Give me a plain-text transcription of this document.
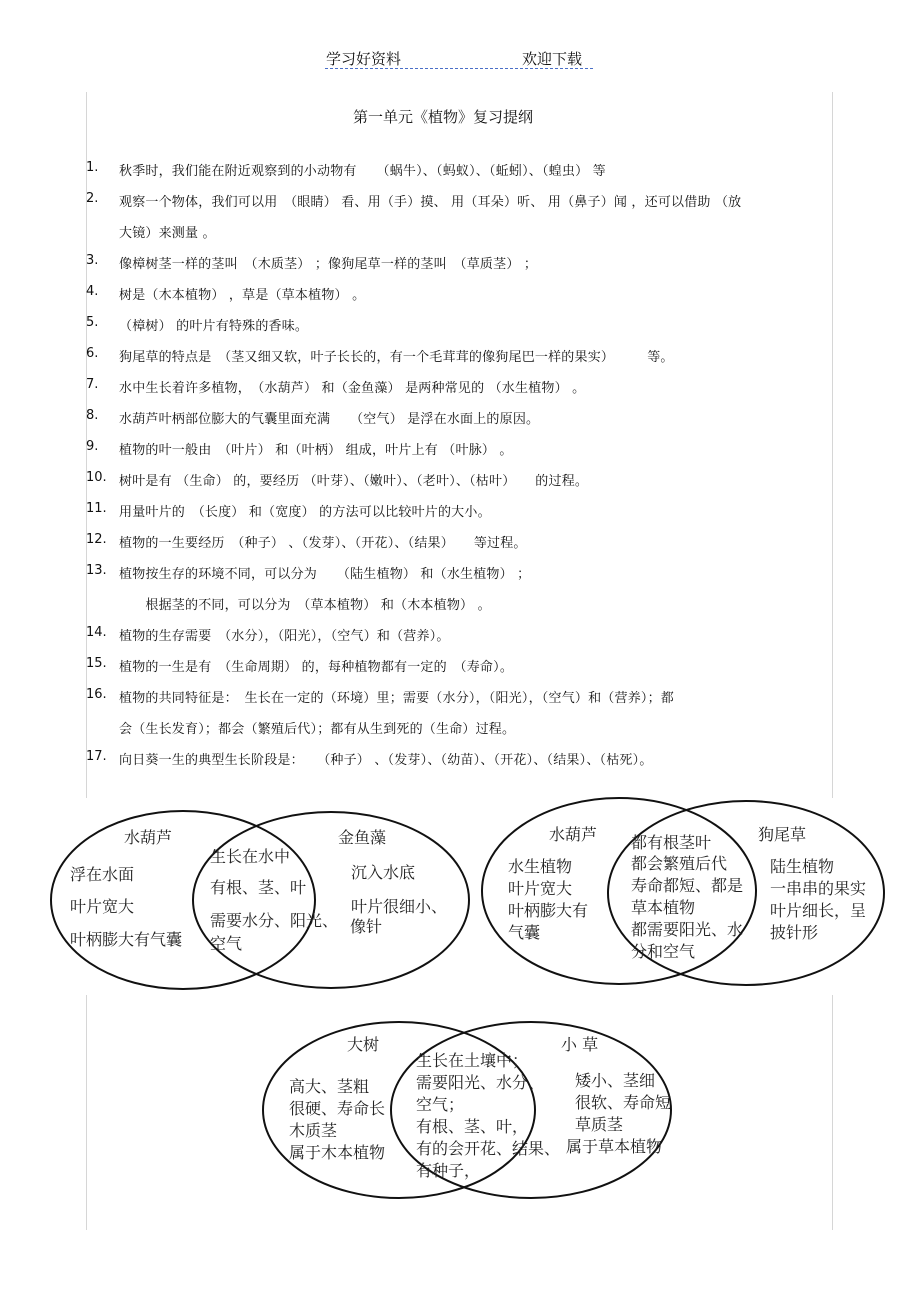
学习好资料	欢迎下载
第一单元《植物》复习提纲
1. 秋季时，我们能在附近观察到的小动物有　　（蜗牛）、（蚂蚁）、（蚯蚓）、（蝗虫） 等
2. 观察一个物体，我们可以用　（眼睛） 看、用（手）摸、 用（耳朵）听、 用（鼻子）闻 ，还可以借助 （放
大镜）来测量 。
3. 像樟树茎一样的茎叫　（木质茎） ；像狗尾草一样的茎叫　（草质茎） ；
4. 树是（木本植物） ，草是（草本植物） 。
5. （樟树） 的叶片有特殊的香味。
6. 狗尾草的特点是　（茎又细又软，叶子长长的，有一个毛茸茸的像狗尾巴一样的果实）　　　等。
7. 水中生长着许多植物，　（水葫芦） 和（金鱼藻） 是两种常见的 （水生植物） 。
8. 水葫芦叶柄部位膨大的气囊里面充满　　（空气） 是浮在水面上的原因。
9. 植物的叶一般由　（叶片） 和（叶柄） 组成，叶片上有 （叶脉） 。
10. 树叶是有 （生命） 的，要经历 （叶芽）、（嫩叶）、（老叶）、（枯叶）　　的过程。
11. 用量叶片的　（长度） 和（宽度） 的方法可以比较叶片的大小。
12. 植物的一生要经历　（种子） 、（发芽）、（开花）、（结果）　　等过程。
13. 植物按生存的环境不同，可以分为　　（陆生植物） 和（水生植物） ；
　　根据茎的不同，可以分为　（草本植物） 和（木本植物） 。
14. 植物的生存需要　（水分），（阳光），（空气）和（营养）。
15. 植物的一生是有　（生命周期） 的，每种植物都有一定的　（寿命）。
16. 植物的共同特征是：　生长在一定的（环境）里；需要（水分），（阳光），（空气）和（营养）；都
会（生长发育）；都会（繁殖后代）；都有从生到死的（生命）过程。
17. 向日葵一生的典型生长阶段是：　　（种子） 、（发芽）、（幼苗）、（开花）、（结果）、（枯死）。
水葫芦	金鱼藻
浮在水面
叶片宽大
叶柄膨大有气囊
生长在水中
有根、茎、叶
需要水分、阳光、
空气
沉入水底
叶片很细小、
像针
水葫芦	狗尾草
水生植物
叶片宽大
叶柄膨大有
气囊
都有根茎叶
都会繁殖后代
寿命都短、都是
草本植物
都需要阳光、水
分和空气
陆生植物
一串串的果实
叶片细长，呈
披针形
大树	小 草
高大、茎粗
很硬、寿命长
木质茎
属于木本植物
生长在土壤中；
需要阳光、水分、
空气；
有根、茎、叶，
有的会开花、结果、
有种子，
矮小、茎细
很软、寿命短
草质茎
属于草本植物
